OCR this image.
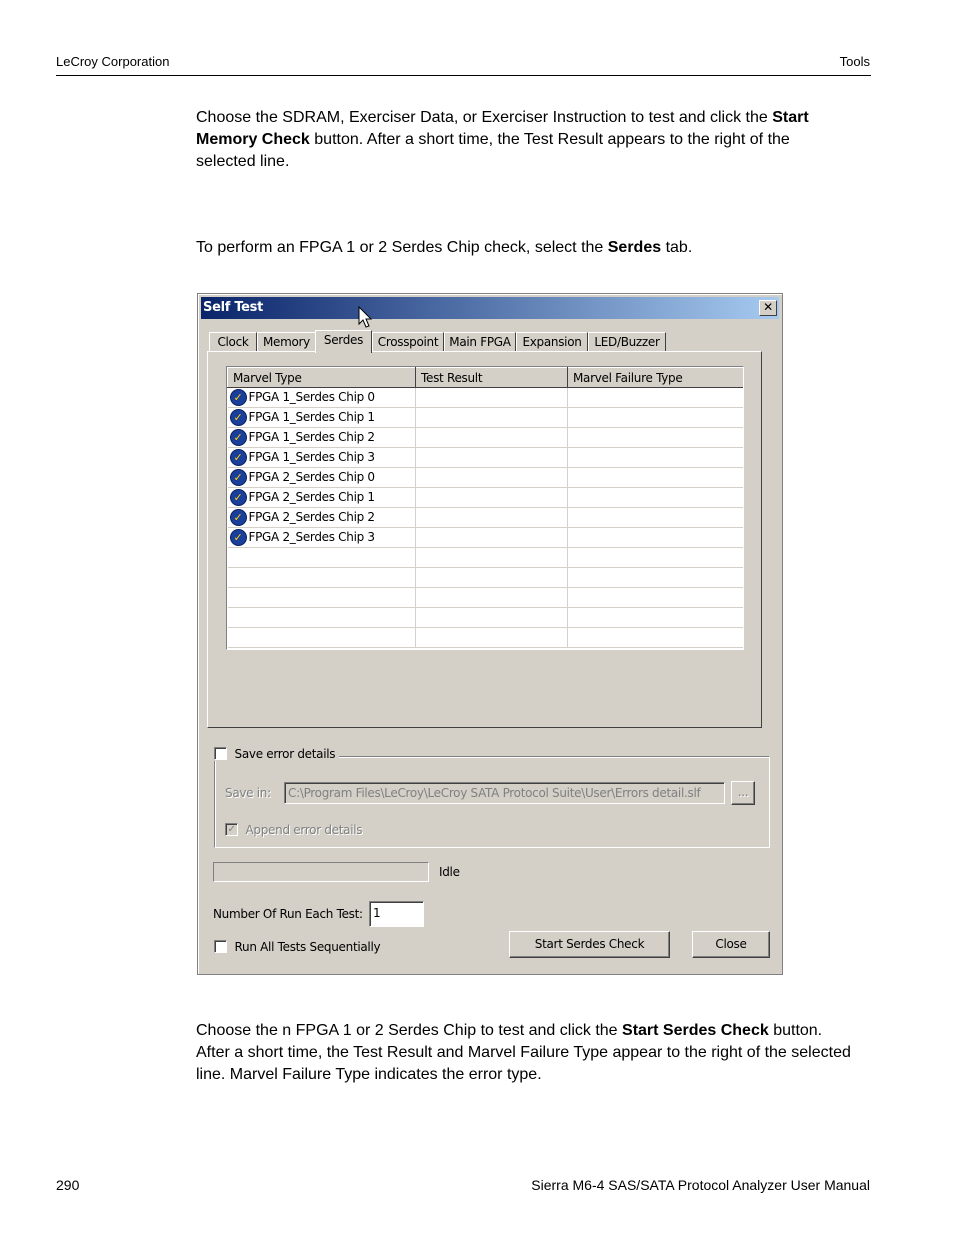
LeCroy Corporation	Tools
Choose the SDRAM, Exerciser Data, or Exerciser Instruction to test and click the Start Memory Check button. After a short time, the Test Result appears to the right of the selected line.
To perform an FPGA 1 or 2 Serdes Chip check, select the Serdes tab.
Self Test	✕
Clock	Memory	Serdes	Crosspoint Main FPGA Expansion	LED/Buzzer
Marvel Type	Test Result	Marvel Failure Type
✓ FPGA 1_Serdes Chip 0		
✓ FPGA 1_Serdes Chip 1		
✓ FPGA 1_Serdes Chip 2		
✓ FPGA 1_Serdes Chip 3		
✓ FPGA 2_Serdes Chip 0		
✓ FPGA 2_Serdes Chip 1		
✓ FPGA 2_Serdes Chip 2		
✓ FPGA 2_Serdes Chip 3		

Save error details
Save in:	C:\Program Files\LeCroy\LeCroy SATA Protocol Suite\User\Errors detail.slf	...
✓ Append error details
Idle
Number Of Run Each Test: 1
Run All Tests Sequentially	Start Serdes Check	Close
Choose the n FPGA 1 or 2 Serdes Chip to test and click the Start Serdes Check button. After a short time, the Test Result and Marvel Failure Type appear to the right of the selected line. Marvel Failure Type indicates the error type.
290	Sierra M6-4 SAS/SATA Protocol Analyzer User Manual
